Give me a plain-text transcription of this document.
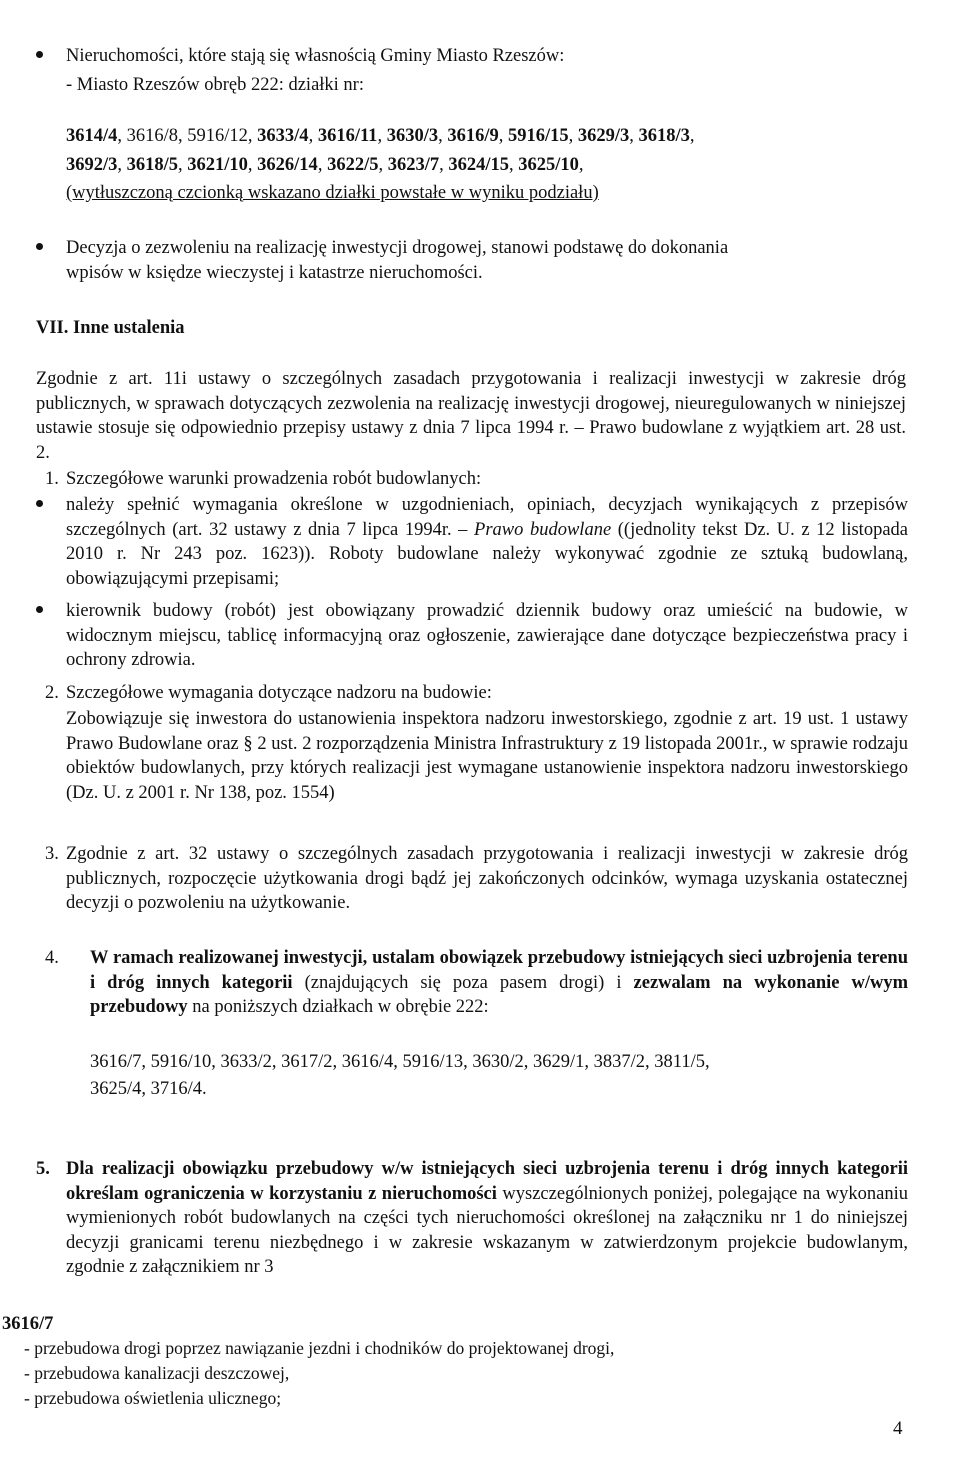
Nieruchomości, które stają się własnością Gminy Miasto Rzeszów:

- Miasto Rzeszów obręb 222: działki nr:

3614/4, 3616/8, 5916/12, 3633/4, 3616/11, 3630/3, 3616/9, 5916/15, 3629/3, 3618/3,

3692/3, 3618/5, 3621/10, 3626/14, 3622/5, 3623/7, 3624/15, 3625/10,

(wytłuszczoną czcionką wskazano działki powstałe w wyniku podziału)

Decyzja o zezwoleniu na realizację inwestycji drogowej, stanowi podstawę do dokonania

wpisów w księdze wieczystej i katastrze nieruchomości.

VII. Inne ustalenia

Zgodnie z art. 11i ustawy o szczególnych zasadach przygotowania i realizacji inwestycji w zakresie dróg publicznych, w sprawach dotyczących zezwolenia na realizację inwestycji drogowej, nieuregulowanych w niniejszej ustawie stosuje się odpowiednio przepisy ustawy z dnia 7 lipca 1994 r. – Prawo budowlane z wyjątkiem art. 28 ust. 2.

1. Szczegółowe warunki prowadzenia robót budowlanych:

należy spełnić wymagania określone w uzgodnieniach, opiniach, decyzjach wynikających z przepisów szczególnych (art. 32 ustawy z dnia 7 lipca 1994r. – Prawo budowlane ((jednolity tekst Dz. U. z 12 listopada 2010 r. Nr 243 poz. 1623)). Roboty budowlane należy wykonywać zgodnie ze sztuką budowlaną, obowiązującymi przepisami;

kierownik budowy (robót) jest obowiązany prowadzić dziennik budowy oraz umieścić na budowie, w widocznym miejscu, tablicę informacyjną oraz ogłoszenie, zawierające dane dotyczące bezpieczeństwa pracy i ochrony zdrowia.

2. Szczegółowe wymagania dotyczące nadzoru na budowie:

Zobowiązuje się inwestora do ustanowienia inspektora nadzoru inwestorskiego, zgodnie z art. 19 ust. 1 ustawy Prawo Budowlane oraz § 2 ust. 2 rozporządzenia Ministra Infrastruktury z 19 listopada 2001r., w sprawie rodzaju obiektów budowlanych, przy których realizacji jest wymagane ustanowienie inspektora nadzoru inwestorskiego (Dz. U. z 2001 r. Nr 138, poz. 1554)

3. Zgodnie z art. 32 ustawy o szczególnych zasadach przygotowania i realizacji inwestycji w zakresie dróg publicznych, rozpoczęcie użytkowania drogi bądź jej zakończonych odcinków, wymaga uzyskania ostatecznej decyzji o pozwoleniu na użytkowanie.

4. W ramach realizowanej inwestycji, ustalam obowiązek przebudowy istniejących sieci uzbrojenia terenu i dróg innych kategorii (znajdujących się poza pasem drogi) i zezwalam na wykonanie w/wym przebudowy na poniższych działkach w obrębie 222:

3616/7, 5916/10, 3633/2, 3617/2, 3616/4, 5916/13, 3630/2, 3629/1, 3837/2, 3811/5,

3625/4, 3716/4.

5. Dla realizacji obowiązku przebudowy w/w istniejących sieci uzbrojenia terenu i dróg innych kategorii określam ograniczenia w korzystaniu z nieruchomości wyszczególnionych poniżej, polegające na wykonaniu wymienionych robót budowlanych na części tych nieruchomości określonej na załączniku nr 1 do niniejszej decyzji granicami terenu niezbędnego i w zakresie wskazanym w zatwierdzonym projekcie budowlanym, zgodnie z załącznikiem nr 3

3616/7

- przebudowa drogi poprzez nawiązanie jezdni i chodników do projektowanej drogi,

- przebudowa kanalizacji deszczowej,

- przebudowa oświetlenia ulicznego;

4
